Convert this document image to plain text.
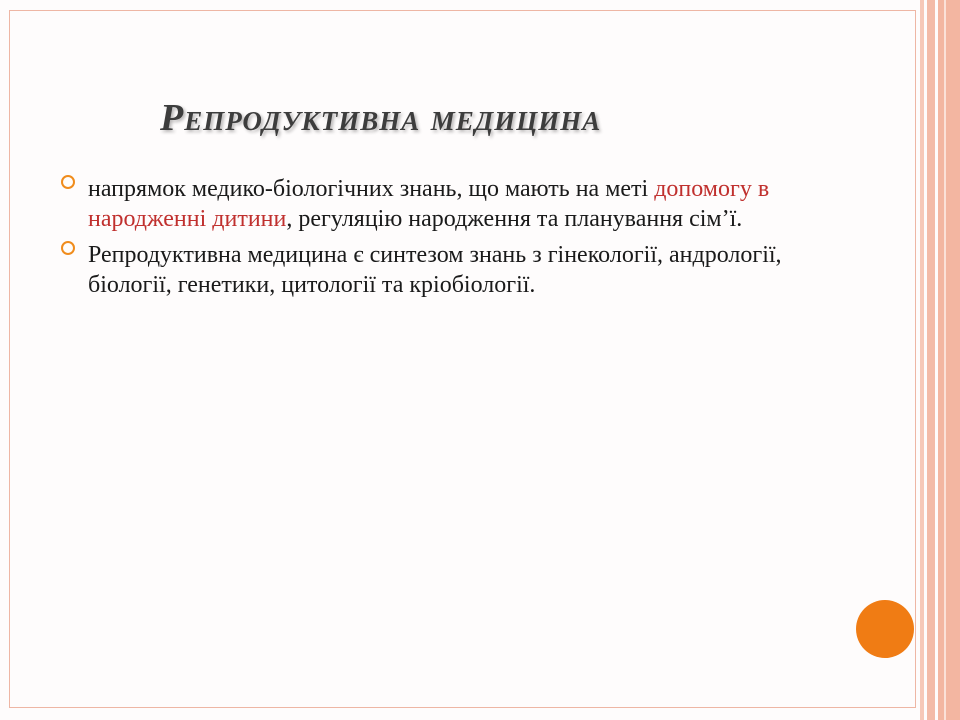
Репродуктивна медицина
напрямок медико-біологічних знань, що мають на меті допомогу в народженні дитини, регуляцію народження та планування сім’ї.
Репродуктивна медицина є синтезом знань з гінекології, андрології, біології, генетики, цитології та кріобіології.
